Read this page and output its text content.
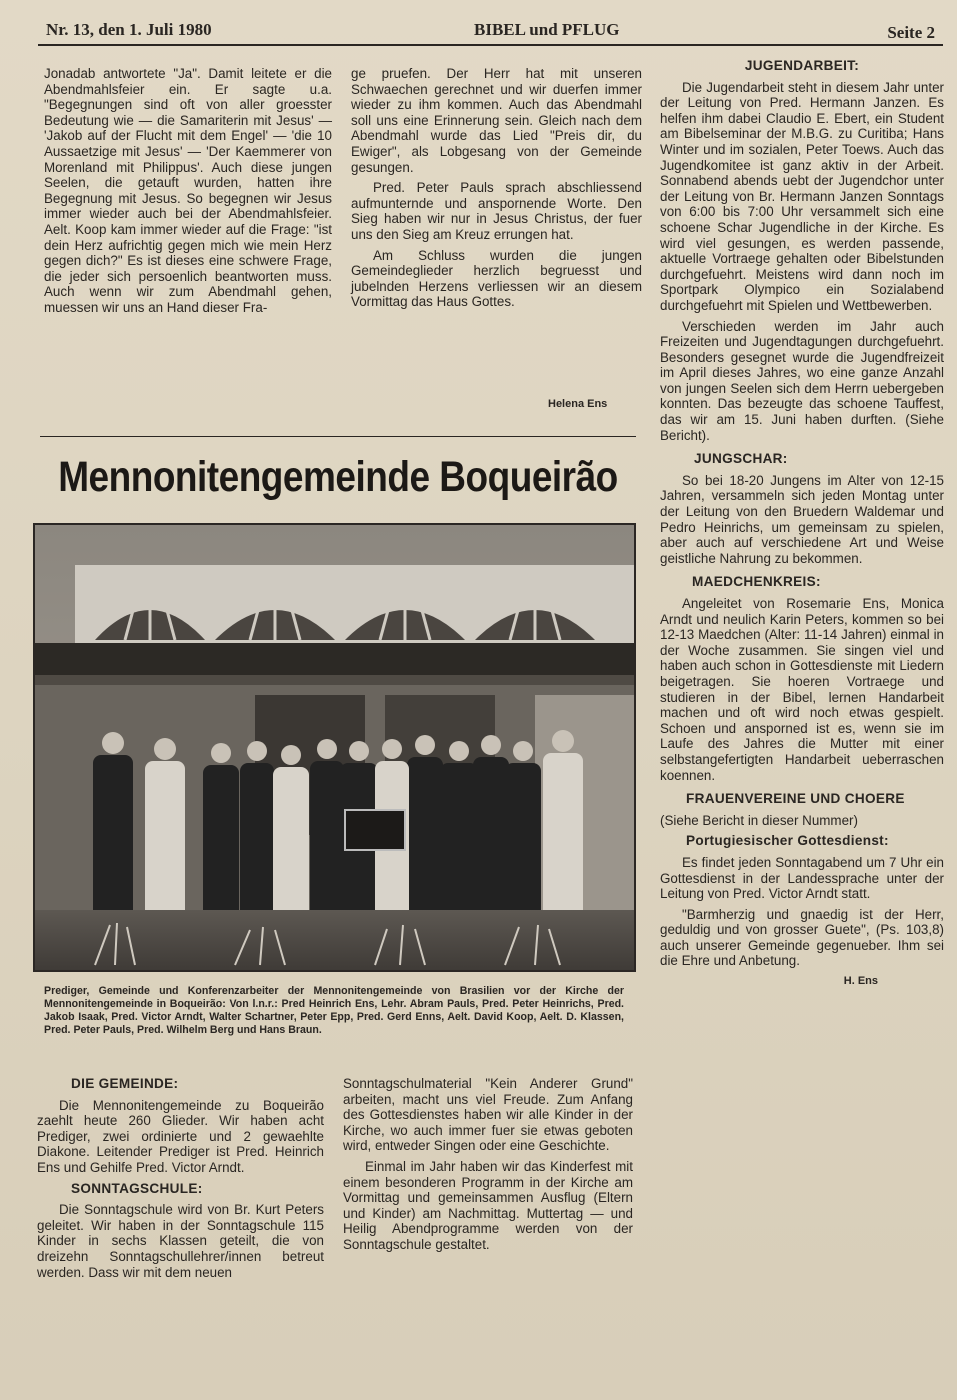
Nr. 13, den 1. Juli 1980	BIBEL und PFLUG	Seite 2

Jonadab antwortete "Ja". Damit leitete er die Abendmahlsfeier ein. Er sagte u.a. "Begegnungen sind oft von aller groesster Bedeutung wie — die Samariterin mit Jesus' — 'Jakob auf der Flucht mit dem Engel' — 'die 10 Aussaetzige mit Jesus' — 'Der Kaemmerer von Morenland mit Philippus'. Auch diese jungen Seelen, die getauft wurden, hatten ihre Begegnung mit Jesus. So begegnen wir Jesus immer wieder auch bei der Abendmahlsfeier. Aelt. Koop kam immer wieder auf die Frage: "ist dein Herz aufrichtig gegen mich wie mein Herz gegen dich?" Es ist dieses eine schwere Frage, die jeder sich persoenlich beantworten muss. Auch wenn wir zum Abendmahl gehen, muessen wir uns an Hand dieser Fra-

ge pruefen. Der Herr hat mit unseren Schwaechen gerechnet und wir duerfen immer wieder zu ihm kommen. Auch das Abendmahl soll uns eine Erinnerung sein. Gleich nach dem Abendmahl wurde das Lied "Preis dir, du Ewiger", als Lobgesang von der Gemeinde gesungen.

Pred. Peter Pauls sprach abschliessend aufmunternde und anspornende Worte. Den Sieg haben wir nur in Jesus Christus, der fuer uns den Sieg am Kreuz errungen hat.

Am Schluss wurden die jungen Gemeindeglieder herzlich begruesst und jubelnden Herzens verliessen wir an diesem Vormittag das Haus Gottes.

Helena Ens
Mennonitengemeinde Boqueirão
Prediger, Gemeinde und Konferenzarbeiter der Mennonitengemeinde von Brasilien vor der Kirche der Mennonitengemeinde in Boqueirão: Von l.n.r.: Pred Heinrich Ens, Lehr. Abram Pauls, Pred. Peter Heinrichs, Pred. Jakob Isaak, Pred. Victor Arndt, Walter Schartner, Peter Epp, Pred. Gerd Enns, Aelt. David Koop, Aelt. D. Klassen, Pred. Peter Pauls, Pred. Wilhelm Berg und Hans Braun.
DIE GEMEINDE:

Die Mennonitengemeinde zu Boqueirão zaehlt heute 260 Glieder. Wir haben acht Prediger, zwei ordinierte und 2 gewaehlte Diakone. Leitender Prediger ist Pred. Heinrich Ens und Gehilfe Pred. Victor Arndt.

SONNTAGSCHULE:

Die Sonntagschule wird von Br. Kurt Peters geleitet. Wir haben in der Sonntagschule 115 Kinder in sechs Klassen geteilt, die von dreizehn Sonntagschullehrer/innen betreut werden. Dass wir mit dem neuen

Sonntagschulmaterial "Kein Anderer Grund" arbeiten, macht uns viel Freude. Zum Anfang des Gottesdienstes haben wir alle Kinder in der Kirche, wo auch immer fuer sie etwas geboten wird, entweder Singen oder eine Geschichte.

Einmal im Jahr haben wir das Kinderfest mit einem besonderen Programm in der Kirche am Vormittag und gemeinsammen Ausflug (Eltern und Kinder) am Nachmittag. Muttertag — und Heilig Abendprogramme werden von der Sonntagschule gestaltet.

JUGENDARBEIT:

Die Jugendarbeit steht in diesem Jahr unter der Leitung von Pred. Hermann Janzen. Es helfen ihm dabei Claudio E. Ebert, ein Student am Bibelseminar der M.B.G. zu Curitiba; Hans Winter und im sozialen, Peter Toews. Auch das Jugendkomitee ist ganz aktiv in der Arbeit. Sonnabend abends uebt der Jugendchor unter der Leitung von Br. Hermann Janzen Sonntags von 6:00 bis 7:00 Uhr versammelt sich eine schoene Schar Jugendliche in der Kirche. Es wird viel gesungen, es werden passende, aktuelle Vortraege gehalten oder Bibelstunden durchgefuehrt. Meistens wird dann noch im Sportpark Olympico ein Sozialabend durchgefuehrt mit Spielen und Wettbewerben.

Verschieden werden im Jahr auch Freizeiten und Jugendtagungen durchgefuehrt. Besonders gesegnet wurde die Jugendfreizeit im April dieses Jahres, wo eine ganze Anzahl von jungen Seelen sich dem Herrn uebergeben konnten. Das bezeugte das schoene Tauffest, das wir am 15. Juni haben durften. (Siehe Bericht).

JUNGSCHAR:

So bei 18-20 Jungens im Alter von 12-15 Jahren, versammeln sich jeden Montag unter der Leitung von den Bruedern Waldemar und Pedro Heinrichs, um gemeinsam zu spielen, aber auch auf verschiedene Art und Weise geistliche Nahrung zu bekommen.

MAEDCHENKREIS:

Angeleitet von Rosemarie Ens, Monica Arndt und neulich Karin Peters, kommen so bei 12-13 Maedchen (Alter: 11-14 Jahren) einmal in der Woche zusammen. Sie singen viel und haben auch schon in Gottesdienste mit Liedern beigetragen. Sie hoeren Vortraege und studieren in der Bibel, lernen Handarbeit machen und oft wird noch etwas gespielt. Schoen und ansporned ist es, wenn sie im Laufe des Jahres die Mutter mit einer selbstangefertigten Handarbeit ueberraschen koennen.

FRAUENVEREINE UND CHOERE

(Siehe Bericht in dieser Nummer)

Portugiesischer Gottesdienst:

Es findet jeden Sonntagabend um 7 Uhr ein Gottesdienst in der Landessprache unter der Leitung von Pred. Victor Arndt statt.

"Barmherzig und gnaedig ist der Herr, geduldig und von grosser Guete", (Ps. 103,8) auch unserer Gemeinde gegenueber. Ihm sei die Ehre und Anbetung.

H. Ens
